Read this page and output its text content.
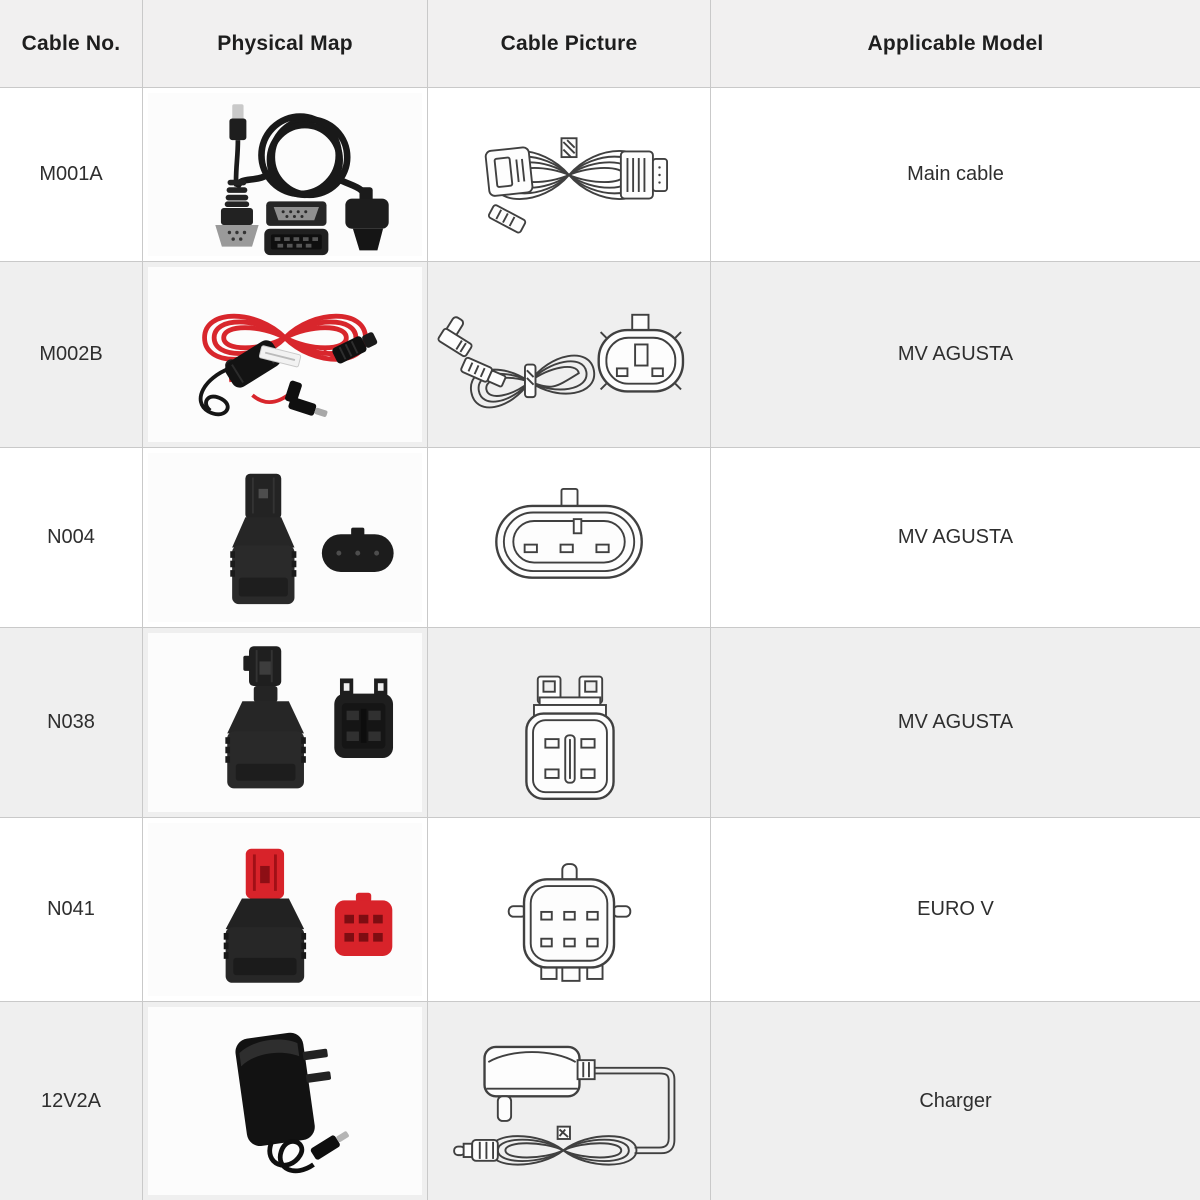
Cable No.	Physical Map	Cable Picture	Applicable Model
M001A	Main cable
M002B	MV AGUSTA
N004	MV AGUSTA
N038	MV AGUSTA
N041	EURO V
12V2A	Charger
